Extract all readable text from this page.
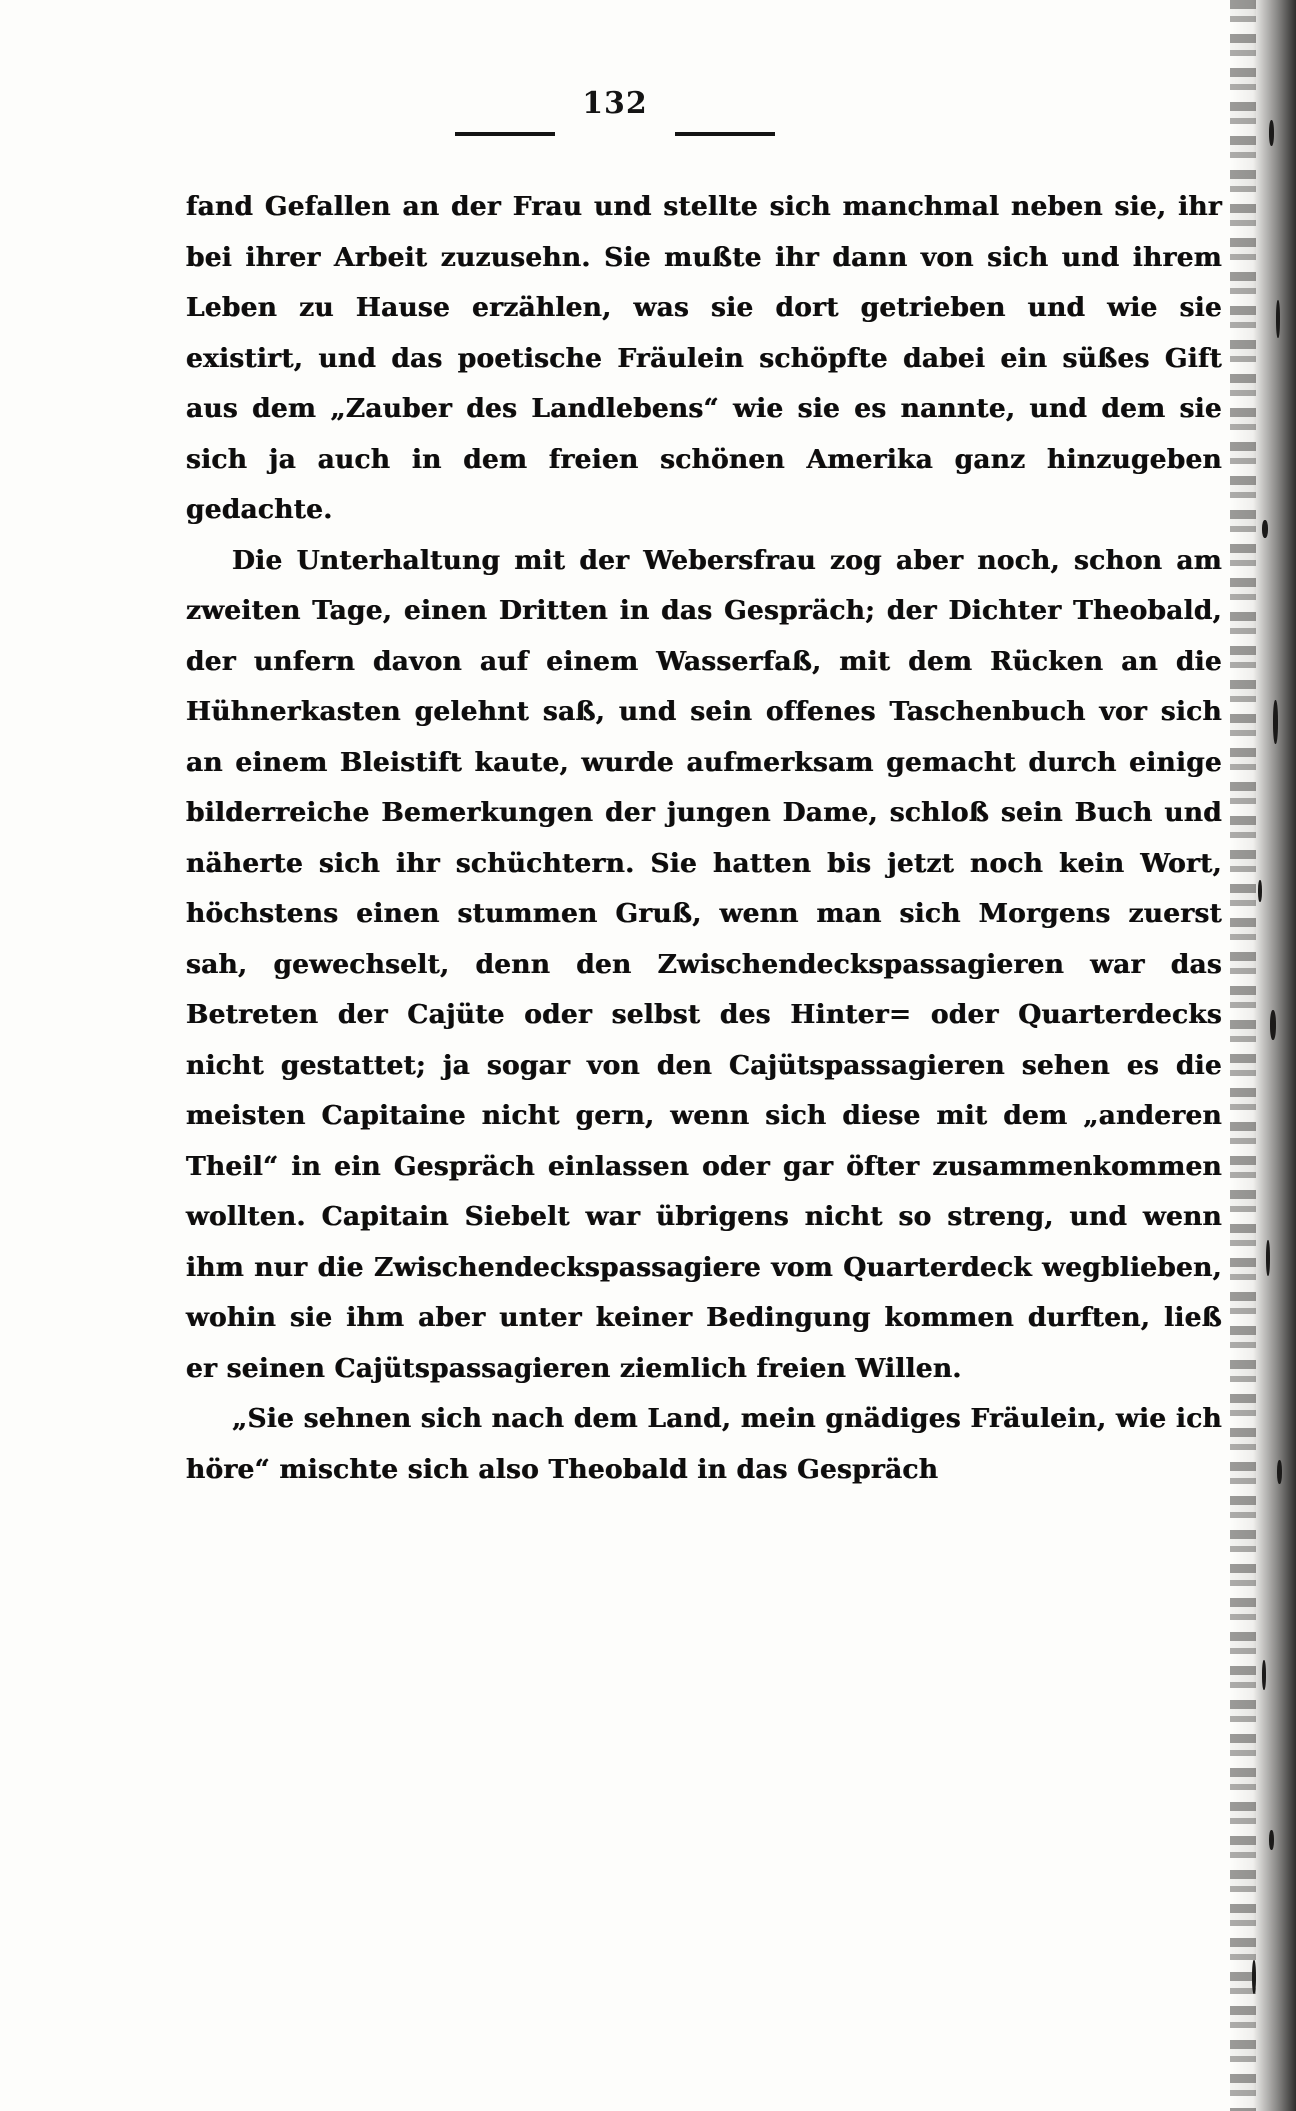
132

fand Gefallen an der Frau und stellte sich manchmal neben sie, ihr bei ihrer Arbeit zuzusehn. Sie mußte ihr dann von sich und ihrem Leben zu Hause erzählen, was sie dort getrieben und wie sie existirt, und das poetische Fräulein schöpfte dabei ein süßes Gift aus dem „Zauber des Landlebens“ wie sie es nannte, und dem sie sich ja auch in dem freien schönen Amerika ganz hinzugeben gedachte.

Die Unterhaltung mit der Webersfrau zog aber noch, schon am zweiten Tage, einen Dritten in das Gespräch; der Dichter Theobald, der unfern davon auf einem Wasserfaß, mit dem Rücken an die Hühnerkasten gelehnt saß, und sein offenes Taschenbuch vor sich an einem Bleistift kaute, wurde aufmerksam gemacht durch einige bilderreiche Bemerkungen der jungen Dame, schloß sein Buch und näherte sich ihr schüchtern. Sie hatten bis jetzt noch kein Wort, höchstens einen stummen Gruß, wenn man sich Morgens zuerst sah, gewechselt, denn den Zwischendeckspassagieren war das Betreten der Cajüte oder selbst des Hinter= oder Quarterdecks nicht gestattet; ja sogar von den Cajütspassagieren sehen es die meisten Capitaine nicht gern, wenn sich diese mit dem „anderen Theil“ in ein Gespräch einlassen oder gar öfter zusammenkommen wollten. Capitain Siebelt war übrigens nicht so streng, und wenn ihm nur die Zwischendeckspassagiere vom Quarterdeck wegblieben, wohin sie ihm aber unter keiner Bedingung kommen durften, ließ er seinen Cajütspassagieren ziemlich freien Willen.

„Sie sehnen sich nach dem Land, mein gnädiges Fräulein, wie ich höre“ mischte sich also Theobald in das Gespräch
